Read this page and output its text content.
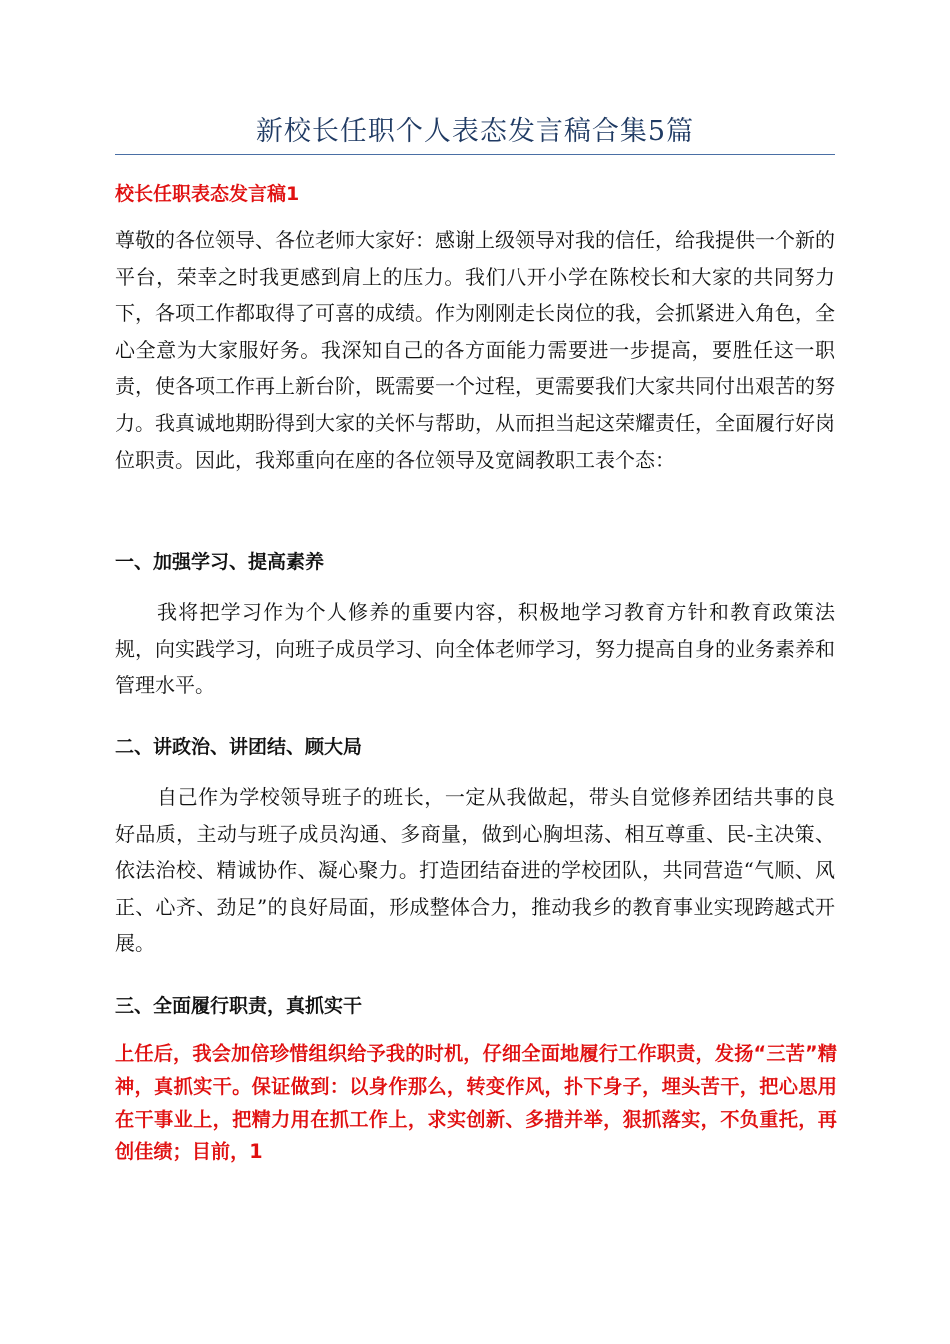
新校长任职个人表态发言稿合集5篇
校长任职表态发言稿1

尊敬的各位领导、各位老师大家好：感谢上级领导对我的信任，给我提供一个新的平台，荣幸之时我更感到肩上的压力。我们八开小学在陈校长和大家的共同努力下，各项工作都取得了可喜的成绩。作为刚刚走长岗位的我，会抓紧进入角色，全心全意为大家服好务。我深知自己的各方面能力需要进一步提高，要胜任这一职责，使各项工作再上新台阶，既需要一个过程，更需要我们大家共同付出艰苦的努力。我真诚地期盼得到大家的关怀与帮助，从而担当起这荣耀责任，全面履行好岗位职责。因此，我郑重向在座的各位领导及宽阔教职工表个态：

一、加强学习、提高素养

我将把学习作为个人修养的重要内容，积极地学习教育方针和教育政策法规，向实践学习，向班子成员学习、向全体老师学习，努力提高自身的业务素养和管理水平。

二、讲政治、讲团结、顾大局

自己作为学校领导班子的班长，一定从我做起，带头自觉修养团结共事的良好品质，主动与班子成员沟通、多商量，做到心胸坦荡、相互尊重、民-主决策、依法治校、精诚协作、凝心聚力。打造团结奋进的学校团队，共同营造“气顺、风正、心齐、劲足”的良好局面，形成整体合力，推动我乡的教育事业实现跨越式开展。

三、全面履行职责，真抓实干

上任后，我会加倍珍惜组织给予我的时机，仔细全面地履行工作职责，发扬“三苦”精神，真抓实干。保证做到：以身作那么，转变作风，扑下身子，埋头苦干，把心思用在干事业上，把精力用在抓工作上，求实创新、多措并举，狠抓落实，不负重托，再创佳绩；目前，1
